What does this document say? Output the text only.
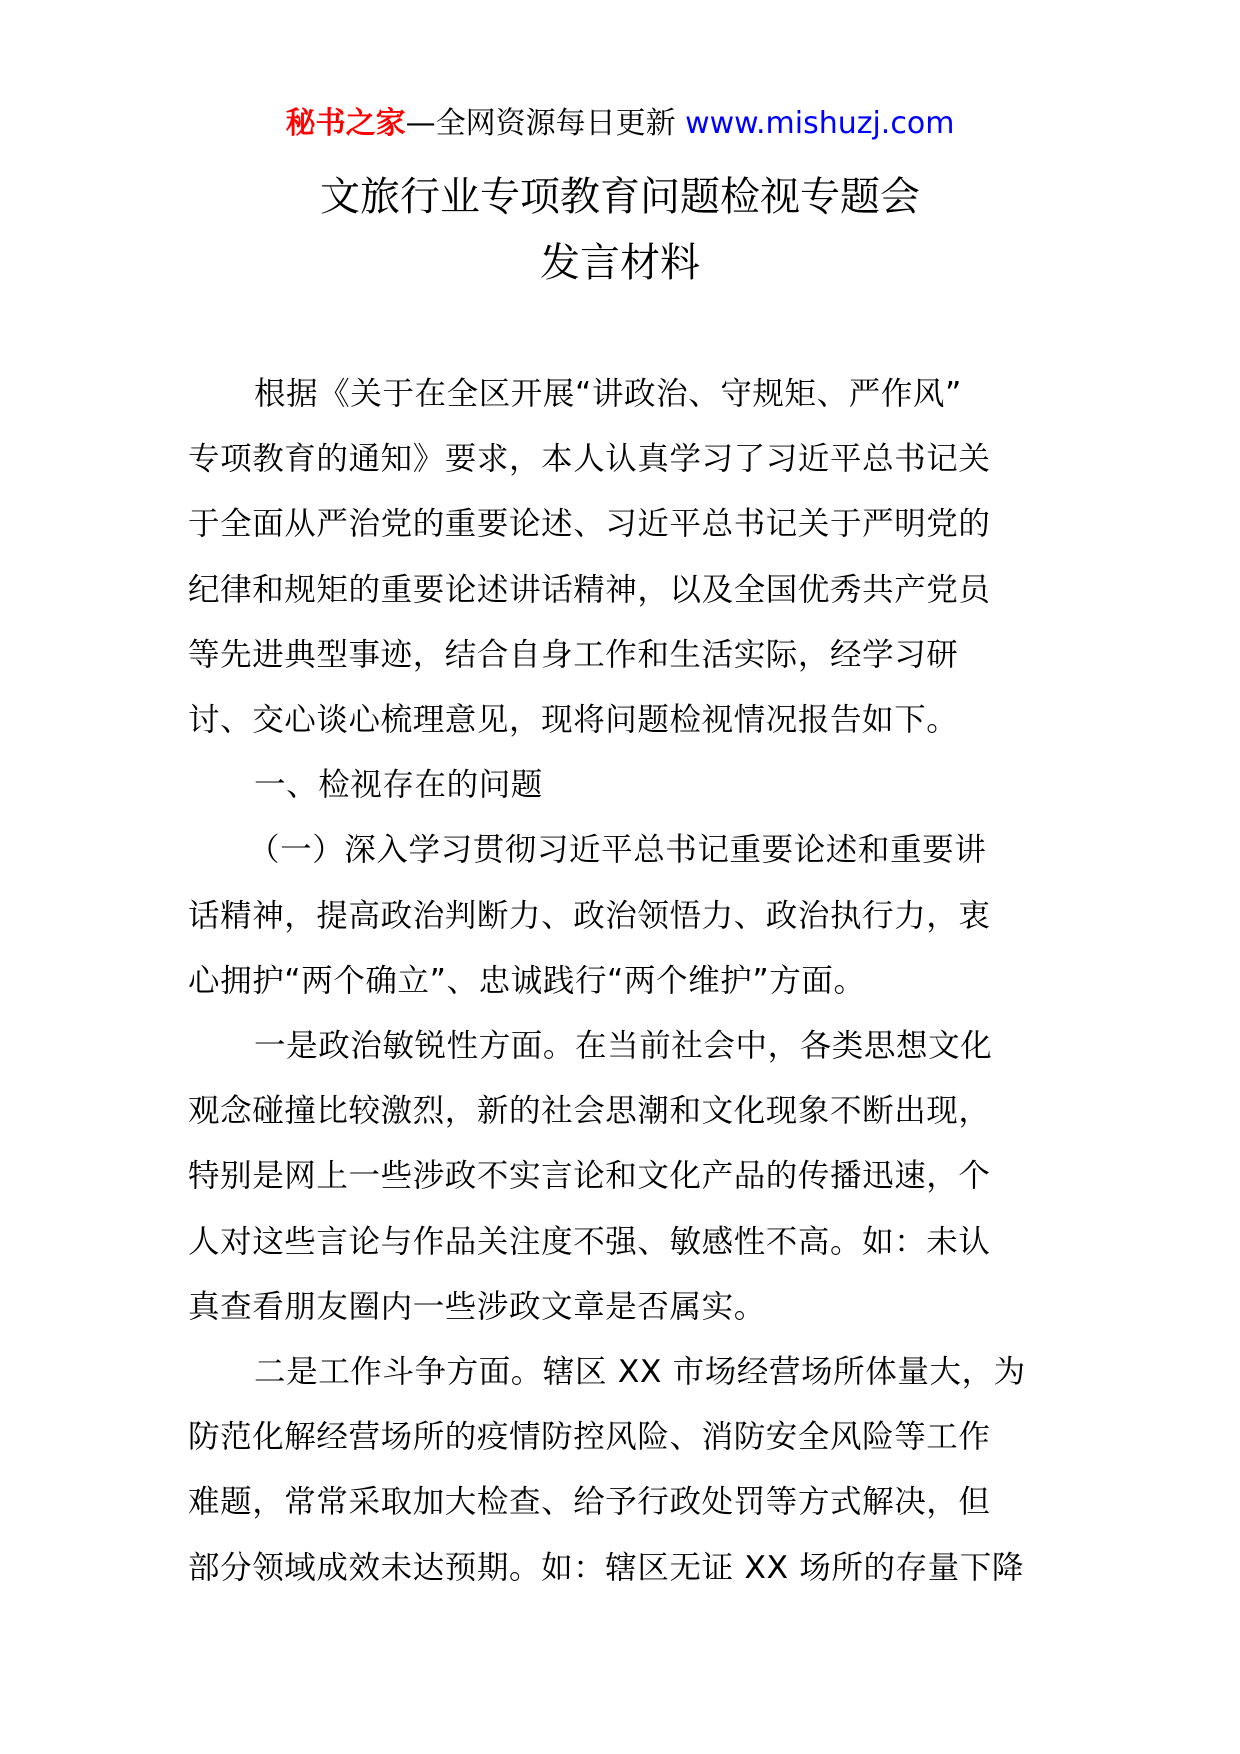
秘书之家—全网资源每日更新 www.mishuzj.com
文旅行业专项教育问题检视专题会
发言材料
根据《关于在全区开展“讲政治、守规矩、严作风”
专项教育的通知》要求，本人认真学习了习近平总书记关
于全面从严治党的重要论述、习近平总书记关于严明党的
纪律和规矩的重要论述讲话精神，以及全国优秀共产党员
等先进典型事迹，结合自身工作和生活实际，经学习研
讨、交心谈心梳理意见，现将问题检视情况报告如下。
一、检视存在的问题
（一）深入学习贯彻习近平总书记重要论述和重要讲
话精神，提高政治判断力、政治领悟力、政治执行力，衷
心拥护“两个确立”、忠诚践行“两个维护”方面。
一是政治敏锐性方面。在当前社会中，各类思想文化
观念碰撞比较激烈，新的社会思潮和文化现象不断出现，
特别是网上一些涉政不实言论和文化产品的传播迅速，个
人对这些言论与作品关注度不强、敏感性不高。如：未认
真查看朋友圈内一些涉政文章是否属实。
二是工作斗争方面。辖区 XX 市场经营场所体量大，为
防范化解经营场所的疫情防控风险、消防安全风险等工作
难题，常常采取加大检查、给予行政处罚等方式解决，但
部分领域成效未达预期。如：辖区无证 XX 场所的存量下降
